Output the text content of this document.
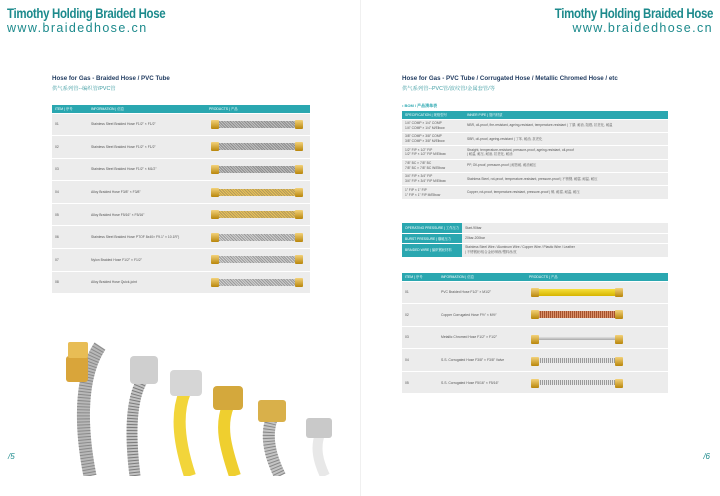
Timothy Holding Braided Hose
www.braidedhose.cn
Timothy Holding Braided Hose
www.braidedhose.cn
Hose for Gas - Braided Hose / PVC Tube
供气系列管--编织管/PVC管
Hose for Gas - PVC Tube / Corrugated Hose / Metallic Chromed Hose / etc
供气系列管--PVC管/波纹管/金属套管/等
ITEM | 序号	INFORMATION | 信息	PRODUCTS | 产品
01	Stainless Steel Braided Hose F1/2" × F1/2"	

02	Stainless Steel Braided Hose F1/2" × F1/2"	

03	Stainless Steel Braided Hose F1/2" × M1/2"	

04	Alloy Braided Hose F3/8" × F3/8"	

05	Alloy Braided Hose F5/16" × F5/16"	

06	Stainless Steel Braided Hose PTOF 8x40× F9.1" × 10.1R")	

07	Nylon Braided Hose F1/2" × F1/2"	

08	Alloy Braided Hose Quick-joint	
• BOM / 产品清单表
SPECIFICATION | 规格型号	INNER PIPE | 管内材质
1/4" COMP × 1/4" COMP
1/4" COMP × 1/4" M/Elbow	NBR, oil-proof, fire-resistant, ageing-resistant, temperature-resistant | 丁腈, 耐油, 阻燃, 抗老化, 耐温
3/8" COMP × 3/8" COMP
3/8" COMP × 3/8" M/Elbow	SBR, oil-proof, ageing-resistant | 丁苯, 耐油, 抗老化
1/2" FIP × 1/2" FIP
1/2" FIP × 1/2" FIP M/Elbow	Straight, temperature-resistant, pressure-proof, ageing-resistant, oil-proof
| 耐温, 耐压, 耐油, 抗老化, 耐油
7/8" BC × 7/8" BC
7/8" BC × 7/8" BC W/Elbow	PP, Oil-proof, pressure-proof | 耐热耐, 耐油耐压
3/4" FIP × 3/4" FIP
3/4" FIP × 3/4" FIP M/Elbow	Stainless Steel, rot-proof, temperature-resistant, pressure-proof | 不锈钢, 耐腐, 耐温, 耐压
1" FIP × 1" FIP
1" FIP × 1" FIP M/Elbow	Copper, rot-proof, temperature-resistant, pressure-proof | 铜, 耐腐, 耐温, 耐压
OPERATING PRESSURE | 工作压力	Start-90bar
BURST PRESSURE | 爆破压力	20bar-200bar
BRAIDED WIRE | 编织钢丝材料	Stainless Steel Wire / Aluminum Wire / Copper Wire / Plastic Wire / Leather
| 不锈钢丝/铝合金丝/铜丝/塑料丝/皮
ITEM | 序号	INFORMATION | 信息	PRODUCTS | 产品
01	PVC Braided Hose F1/2" × M1/2"	

02	Copper Corrugated Hose F½" × M½"	

03	Metallic Chromed Hose F1/2" × F1/2"	

04	S.S. Corrugated Hose F3/8" × F3/8" Valve	

05	S.S. Corrugated Hose F5/16" × F5/16"	
/5	/6
